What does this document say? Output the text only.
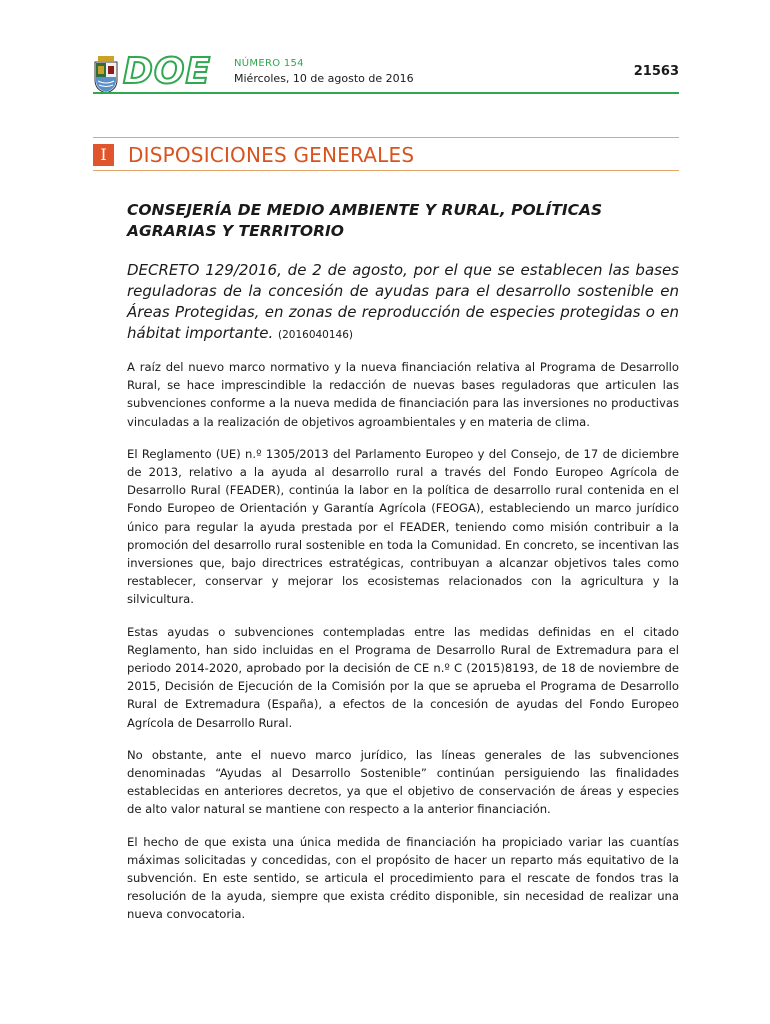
DOE NÚMERO 154
Miércoles, 10 de agosto de 2016	21563
I	DISPOSICIONES GENERALES
CONSEJERÍA DE MEDIO AMBIENTE Y RURAL, POLÍTICAS AGRARIAS Y TERRITORIO
DECRETO 129/2016, de 2 de agosto, por el que se establecen las bases reguladoras de la concesión de ayudas para el desarrollo sostenible en Áreas Protegidas, en zonas de reproducción de especies protegidas o en hábitat importante. (2016040146)

A raíz del nuevo marco normativo y la nueva financiación relativa al Programa de Desarrollo Rural, se hace imprescindible la redacción de nuevas bases reguladoras que articulen las subvenciones conforme a la nueva medida de financiación para las inversiones no productivas vinculadas a la realización de objetivos agroambientales y en materia de clima.

El Reglamento (UE) n.º 1305/2013 del Parlamento Europeo y del Consejo, de 17 de diciembre de 2013, relativo a la ayuda al desarrollo rural a través del Fondo Europeo Agrícola de Desarrollo Rural (FEADER), continúa la labor en la política de desarrollo rural contenida en el Fondo Europeo de Orientación y Garantía Agrícola (FEOGA), estableciendo un marco jurídico único para regular la ayuda prestada por el FEADER, teniendo como misión contribuir a la promoción del desarrollo rural sostenible en toda la Comunidad. En concreto, se incentivan las inversiones que, bajo directrices estratégicas, contribuyan a alcanzar objetivos tales como restablecer, conservar y mejorar los ecosistemas relacionados con la agricultura y la silvicultura.

Estas ayudas o subvenciones contempladas entre las medidas definidas en el citado Reglamento, han sido incluidas en el Programa de Desarrollo Rural de Extremadura para el periodo 2014-2020, aprobado por la decisión de CE n.º C (2015)8193, de 18 de noviembre de 2015, Decisión de Ejecución de la Comisión por la que se aprueba el Programa de Desarrollo Rural de Extremadura (España), a efectos de la concesión de ayudas del Fondo Europeo Agrícola de Desarrollo Rural.

No obstante, ante el nuevo marco jurídico, las líneas generales de las subvenciones denominadas “Ayudas al Desarrollo Sostenible” continúan persiguiendo las finalidades establecidas en anteriores decretos, ya que el objetivo de conservación de áreas y especies de alto valor natural se mantiene con respecto a la anterior financiación.

El hecho de que exista una única medida de financiación ha propiciado variar las cuantías máximas solicitadas y concedidas, con el propósito de hacer un reparto más equitativo de la subvención. En este sentido, se articula el procedimiento para el rescate de fondos tras la resolución de la ayuda, siempre que exista crédito disponible, sin necesidad de realizar una nueva convocatoria.
